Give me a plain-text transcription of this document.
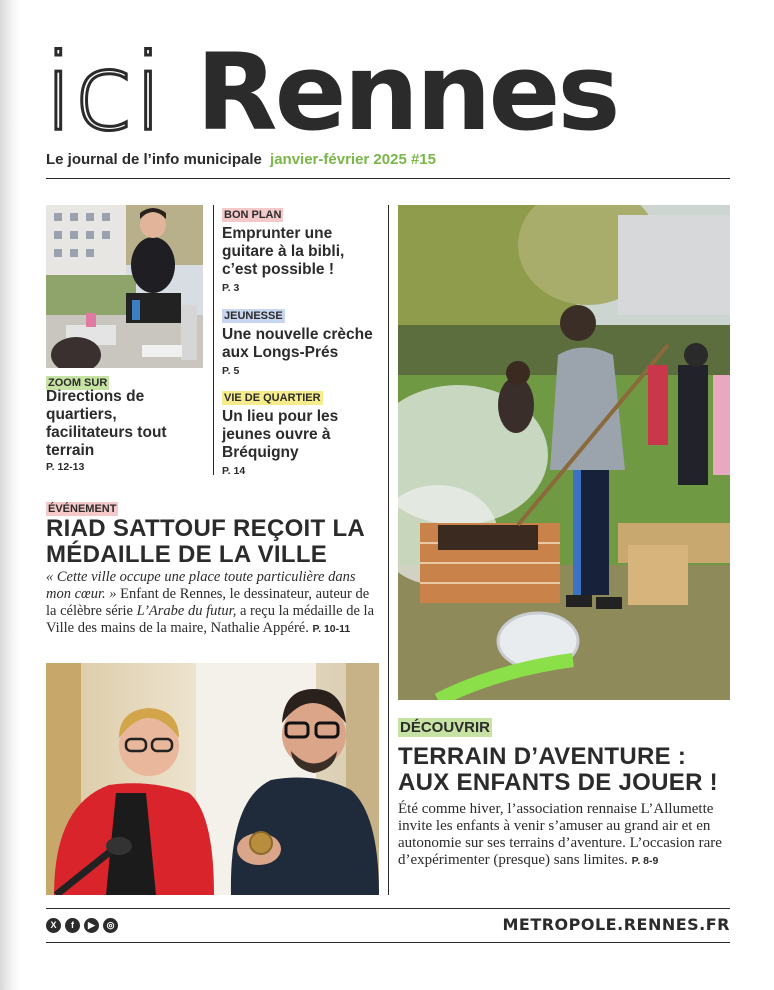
ici Rennes
Le journal de l’info municipale janvier-février 2025 #15
ZOOM SUR
Directions de quartiers, facilitateurs tout terrain
P. 12-13
BON PLAN
Emprunter une guitare à la bibli, c’est possible !
P. 3
JEUNESSE
Une nouvelle crèche aux Longs-Prés
P. 5
VIE DE QUARTIER
Un lieu pour les jeunes ouvre à Bréquigny
P. 14
ÉVÉNEMENT
RIAD SATTOUF REÇOIT LA MÉDAILLE DE LA VILLE
« Cette ville occupe une place toute particulière dans mon cœur. » Enfant de Rennes, le dessinateur, auteur de la célèbre série L’Arabe du futur, a reçu la médaille de la Ville des mains de la maire, Nathalie Appéré. P. 10-11
DÉCOUVRIR
TERRAIN D’AVENTURE : AUX ENFANTS DE JOUER !
Été comme hiver, l’association rennaise L’Allumette invite les enfants à venir s’amuser au grand air et en autonomie sur ses terrains d’aventure. L’occasion rare d’expérimenter (presque) sans limites. P. 8-9
X	f	▶	◎	METROPOLE.RENNES.FR
